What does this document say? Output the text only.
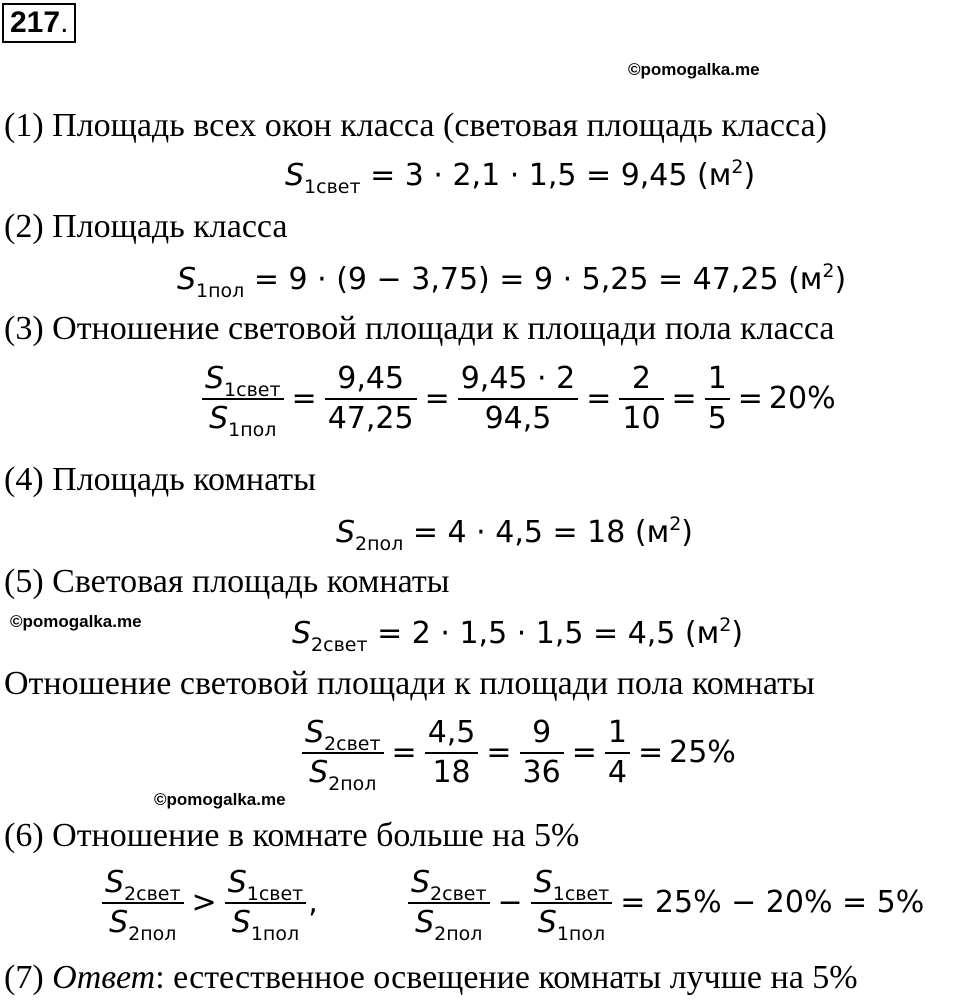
217.
©pomogalka.me
(1) Площадь всех окон класса (световая площадь класса)
$S_{1свет} = 3 \cdot 2,1 \cdot 1,5 = 9,45$ $(м^2)$
(2) Площадь класса
$S_{1пол} = 9 \cdot (9 - 3,75) = 9 \cdot 5,25 = 47,25$ $(м^2)$
(3) Отношение световой площади к площади пола класса
$\frac{S_{1свет}}{S_{1пол}} = \frac{9,45}{47,25} = \frac{9,45 \cdot 2}{94,5} = \frac{2}{10} = \frac{1}{5} = 20\%$
(4) Площадь комнаты
$S_{2пол} = 4 \cdot 4,5 = 18$ $(м^2)$
(5) Световая площадь комнаты
©pomogalka.me	$S_{2свет} = 2 \cdot 1,5 \cdot 1,5 = 4,5$ $(м^2)$
Отношение световой площади к площади пола комнаты
$\frac{S_{2свет}}{S_{2пол}} = \frac{4,5}{18} = \frac{9}{36} = \frac{1}{4} = 25\%$
©pomogalka.me
(6) Отношение в комнате больше на 5%
$\frac{S_{2свет}}{S_{2пол}} > \frac{S_{1свет}}{S_{1пол}}$ ,	$\frac{S_{2свет}}{S_{2пол}} - \frac{S_{1свет}}{S_{1пол}} = 25\% - 20\% = 5\%$
(7) Ответ: естественное освещение комнаты лучше на 5%
